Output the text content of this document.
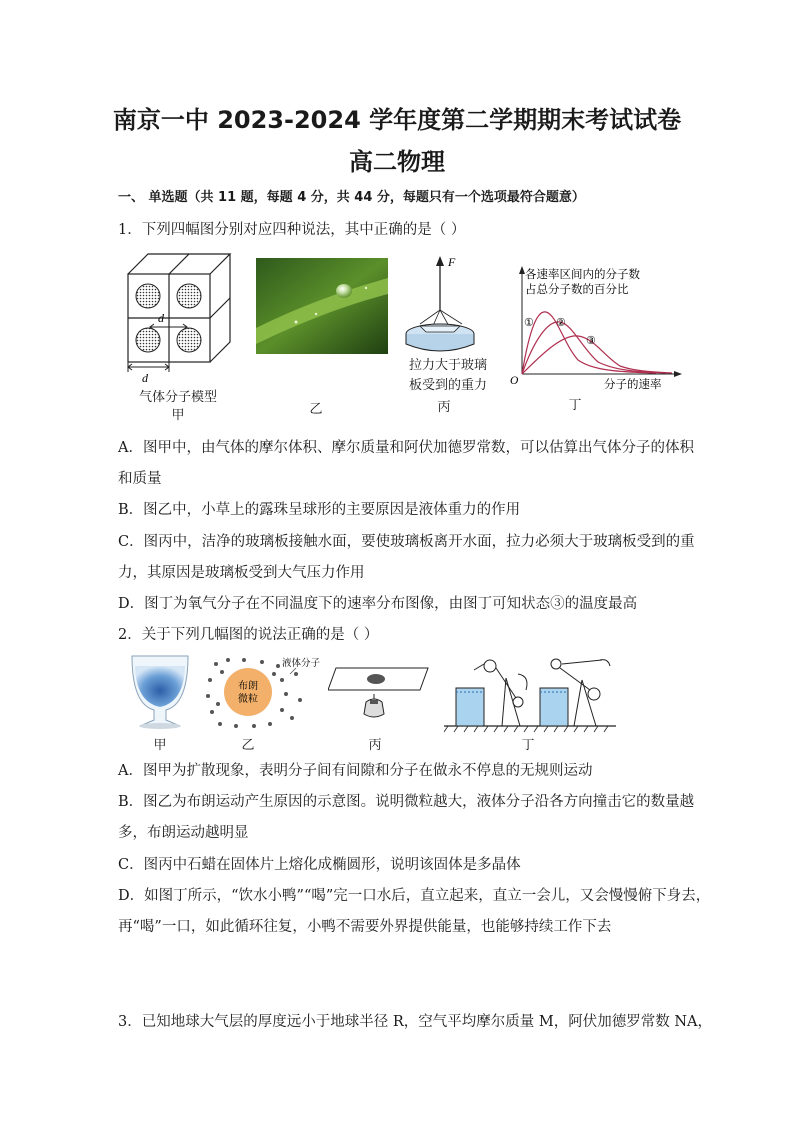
南京一中 2023-2024 学年度第二学期期末考试试卷
高二物理
一、 单选题（共 11 题，每题 4 分，共 44 分，每题只有一个选项最符合题意）
1．下列四幅图分别对应四种说法，其中正确的是（ ）
d
d
气体分子模型
甲	乙
F
拉力大于玻璃
板受到的重力
丙
各速率区间内的分子数
占总分子数的百分比
O	分子的速率
① ②
③
丁
A．图甲中，由气体的摩尔体积、摩尔质量和阿伏加德罗常数，可以估算出气体分子的体积
和质量
B．图乙中，小草上的露珠呈球形的主要原因是液体重力的作用
C．图丙中，洁净的玻璃板接触水面，要使玻璃板离开水面，拉力必须大于玻璃板受到的重
力，其原因是玻璃板受到大气压力作用
D．图丁为氧气分子在不同温度下的速率分布图像，由图丁可知状态③的温度最高
2．关于下列几幅图的说法正确的是（ ）
甲
布朗
微粒
液体分子
乙	丙	丁
A．图甲为扩散现象，表明分子间有间隙和分子在做永不停息的无规则运动
B．图乙为布朗运动产生原因的示意图。说明微粒越大，液体分子沿各方向撞击它的数量越
多，布朗运动越明显
C．图丙中石蜡在固体片上熔化成椭圆形，说明该固体是多晶体
D．如图丁所示，“饮水小鸭”“喝”完一口水后，直立起来，直立一会儿，又会慢慢俯下身去，
再“喝”一口，如此循环往复，小鸭不需要外界提供能量，也能够持续工作下去
3．已知地球大气层的厚度远小于地球半径 R，空气平均摩尔质量 M，阿伏加德罗常数 NA，
